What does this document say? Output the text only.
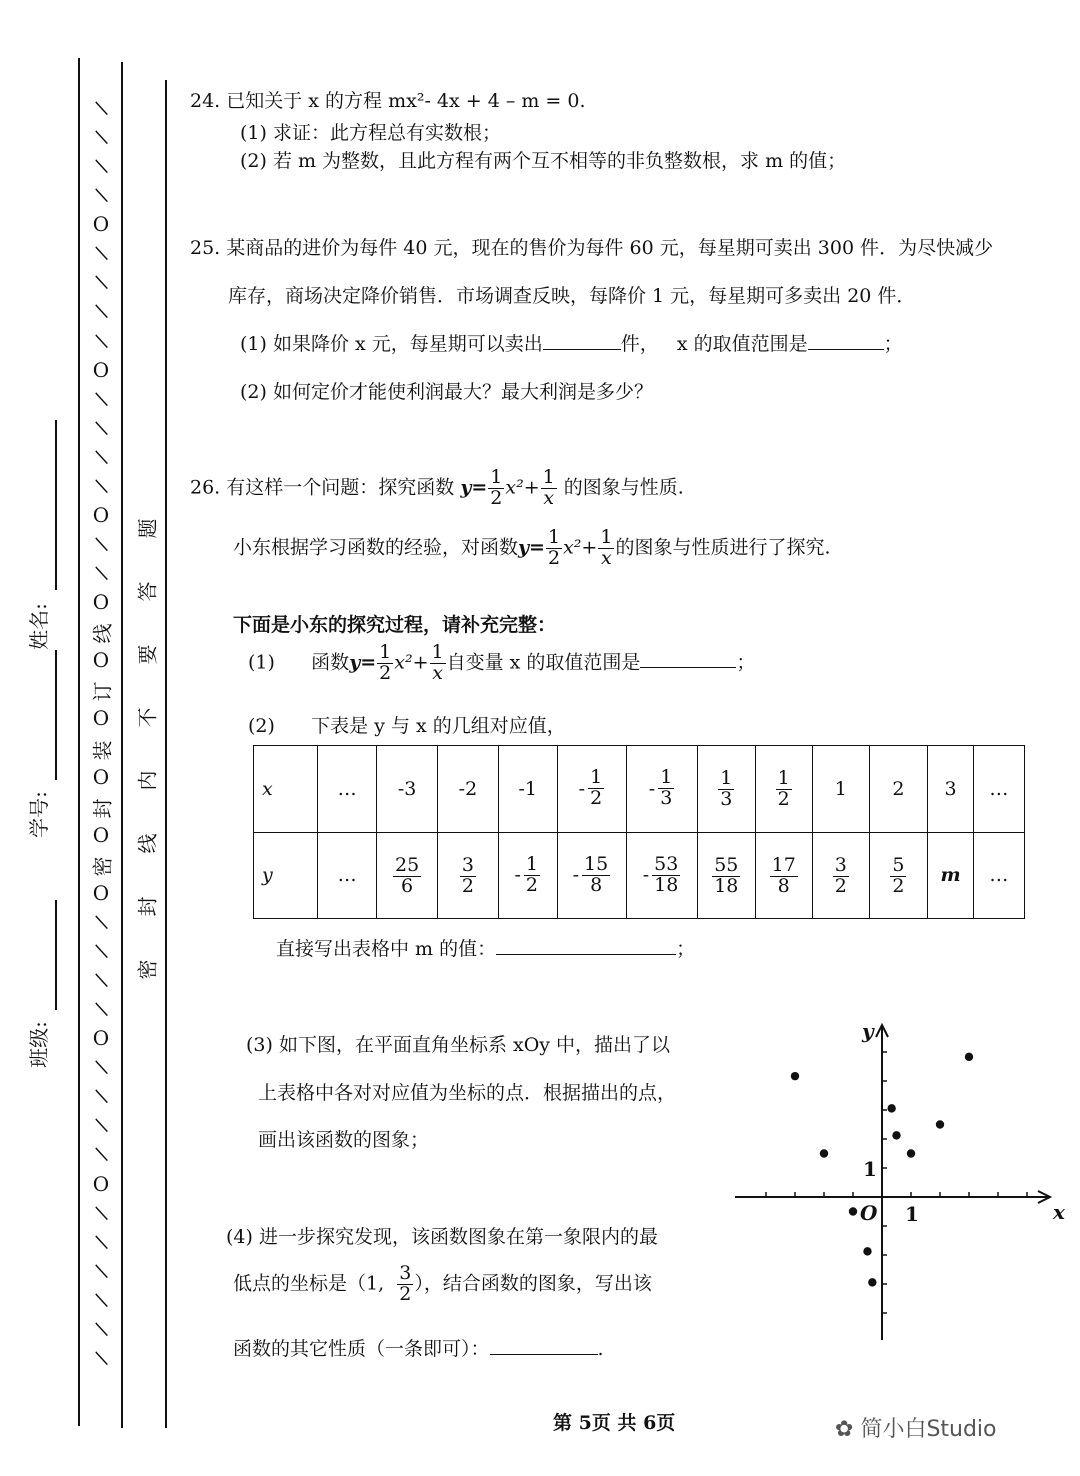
班级:
学号:
姓名:
/
/
/
/
O
/
/
/
/
O
/
/
/
/
O
/
/
O
线
O
订
O
装
O
封
O
密
O
/
/
/
/
O
/
/
/
/
O
/
/
/
/
/
/
密
封
线
内
不
要
答
题
24. 已知关于 x 的方程 mx²- 4x + 4 – m = 0.
(1) 求证：此方程总有实数根；
(2) 若 m 为整数，且此方程有两个互不相等的非负整数根，求 m 的值；
25. 某商品的进价为每件 40 元，现在的售价为每件 60 元，每星期可卖出 300 件．为尽快减少
库存，商场决定降价销售．市场调查反映，每降价 1 元，每星期可多卖出 20 件．
(1) 如果降价 x 元，每星期可以卖出	件， x 的取值范围是	；
(2) 如何定价才能使利润最大？最大利润是多少？
26. 有这样一个问题：探究函数 $y= \frac{1}{2} x^2+ \frac{1}{x}$ 的图象与性质.
小东根据学习函数的经验，对函数$y= \frac{1}{2} x^2+ \frac{1}{x}$ 的图象与性质进行了探究.
下面是小东的探究过程，请补充完整：
(1) 函数$y= \frac{1}{2} x^2+ \frac{1}{x}$ 自变量 x 的取值范围是	；
(2) 下表是 y 与 x 的几组对应值，
x	…	-3	-2	-1	- $\frac{1}{2}$	- $\frac{1}{3}$	$\frac{1}{3}$	$\frac{1}{2}$	1	2	3	…
y	…	$\frac{25}{6}$	$\frac{3}{2}$	- $\frac{1}{2}$	- $\frac{15}{8}$	- $\frac{53}{18}$	$\frac{55}{18}$	$\frac{17}{8}$	$\frac{3}{2}$	$\frac{5}{2}$	m	…
直接写出表格中 m 的值：	；
(3) 如下图，在平面直角坐标系 xOy 中，描出了以
上表格中各对对应值为坐标的点．根据描出的点，
画出该函数的图象；
(4) 进一步探究发现，该函数图象在第一象限内的最
低点的坐标是（1, $\frac{3}{2}$ ），结合函数的图象，写出该
函数的其它性质（一条即可）：	.
x
y
O 1
1
第 5页 共 6页	✿ 简小白Studio
